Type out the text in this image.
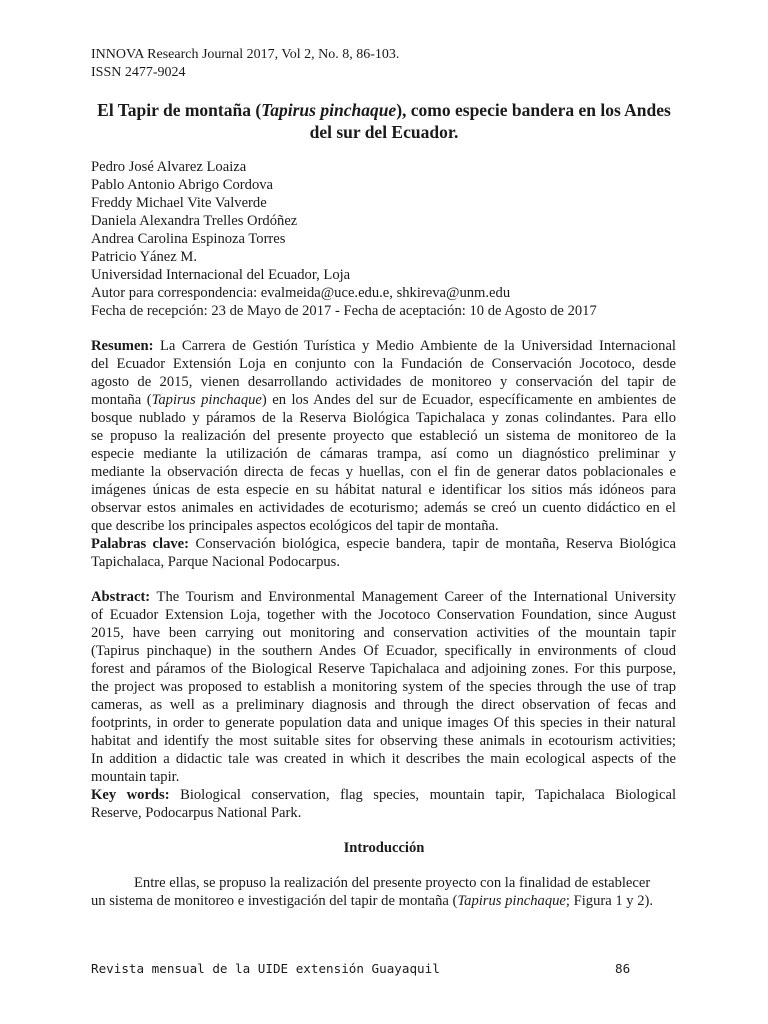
INNOVA Research Journal 2017, Vol 2, No. 8, 86-103.
ISSN 2477-9024
El Tapir de montaña (Tapirus pinchaque), como especie bandera en los Andes
del sur del Ecuador.
Pedro José Alvarez Loaiza
Pablo Antonio Abrigo Cordova
Freddy Michael Vite Valverde
Daniela Alexandra Trelles Ordóñez
Andrea Carolina Espinoza Torres
Patricio Yánez M.
Universidad Internacional del Ecuador, Loja
Autor para correspondencia: evalmeida@uce.edu.e, shkireva@unm.edu
Fecha de recepción: 23 de Mayo de 2017 - Fecha de aceptación: 10 de Agosto de 2017
Resumen: La Carrera de Gestión Turística y Medio Ambiente de la Universidad Internacional
del Ecuador Extensión Loja en conjunto con la Fundación de Conservación Jocotoco, desde
agosto de 2015, vienen desarrollando actividades de monitoreo y conservación del tapir de
montaña (Tapirus pinchaque) en los Andes del sur de Ecuador, específicamente en ambientes de
bosque nublado y páramos de la Reserva Biológica Tapichalaca y zonas colindantes. Para ello
se propuso la realización del presente proyecto que estableció un sistema de monitoreo de la
especie mediante la utilización de cámaras trampa, así como un diagnóstico preliminar y
mediante la observación directa de fecas y huellas, con el fin de generar datos poblacionales e
imágenes únicas de esta especie en su hábitat natural e identificar los sitios más idóneos para
observar estos animales en actividades de ecoturismo; además se creó un cuento didáctico en el
que describe los principales aspectos ecológicos del tapir de montaña.
Palabras clave: Conservación biológica, especie bandera, tapir de montaña, Reserva Biológica
Tapichalaca, Parque Nacional Podocarpus.
Abstract: The Tourism and Environmental Management Career of the International University
of Ecuador Extension Loja, together with the Jocotoco Conservation Foundation, since August
2015, have been carrying out monitoring and conservation activities of the mountain tapir
(Tapirus pinchaque) in the southern Andes Of Ecuador, specifically in environments of cloud
forest and páramos of the Biological Reserve Tapichalaca and adjoining zones. For this purpose,
the project was proposed to establish a monitoring system of the species through the use of trap
cameras, as well as a preliminary diagnosis and through the direct observation of fecas and
footprints, in order to generate population data and unique images Of this species in their natural
habitat and identify the most suitable sites for observing these animals in ecotourism activities;
In addition a didactic tale was created in which it describes the main ecological aspects of the
mountain tapir.
Key words: Biological conservation, flag species, mountain tapir, Tapichalaca Biological
Reserve, Podocarpus National Park.
Introducción
Entre ellas, se propuso la realización del presente proyecto con la finalidad de establecer
un sistema de monitoreo e investigación del tapir de montaña (Tapirus pinchaque; Figura 1 y 2).
Revista mensual de la UIDE extensión Guayaquil	86
